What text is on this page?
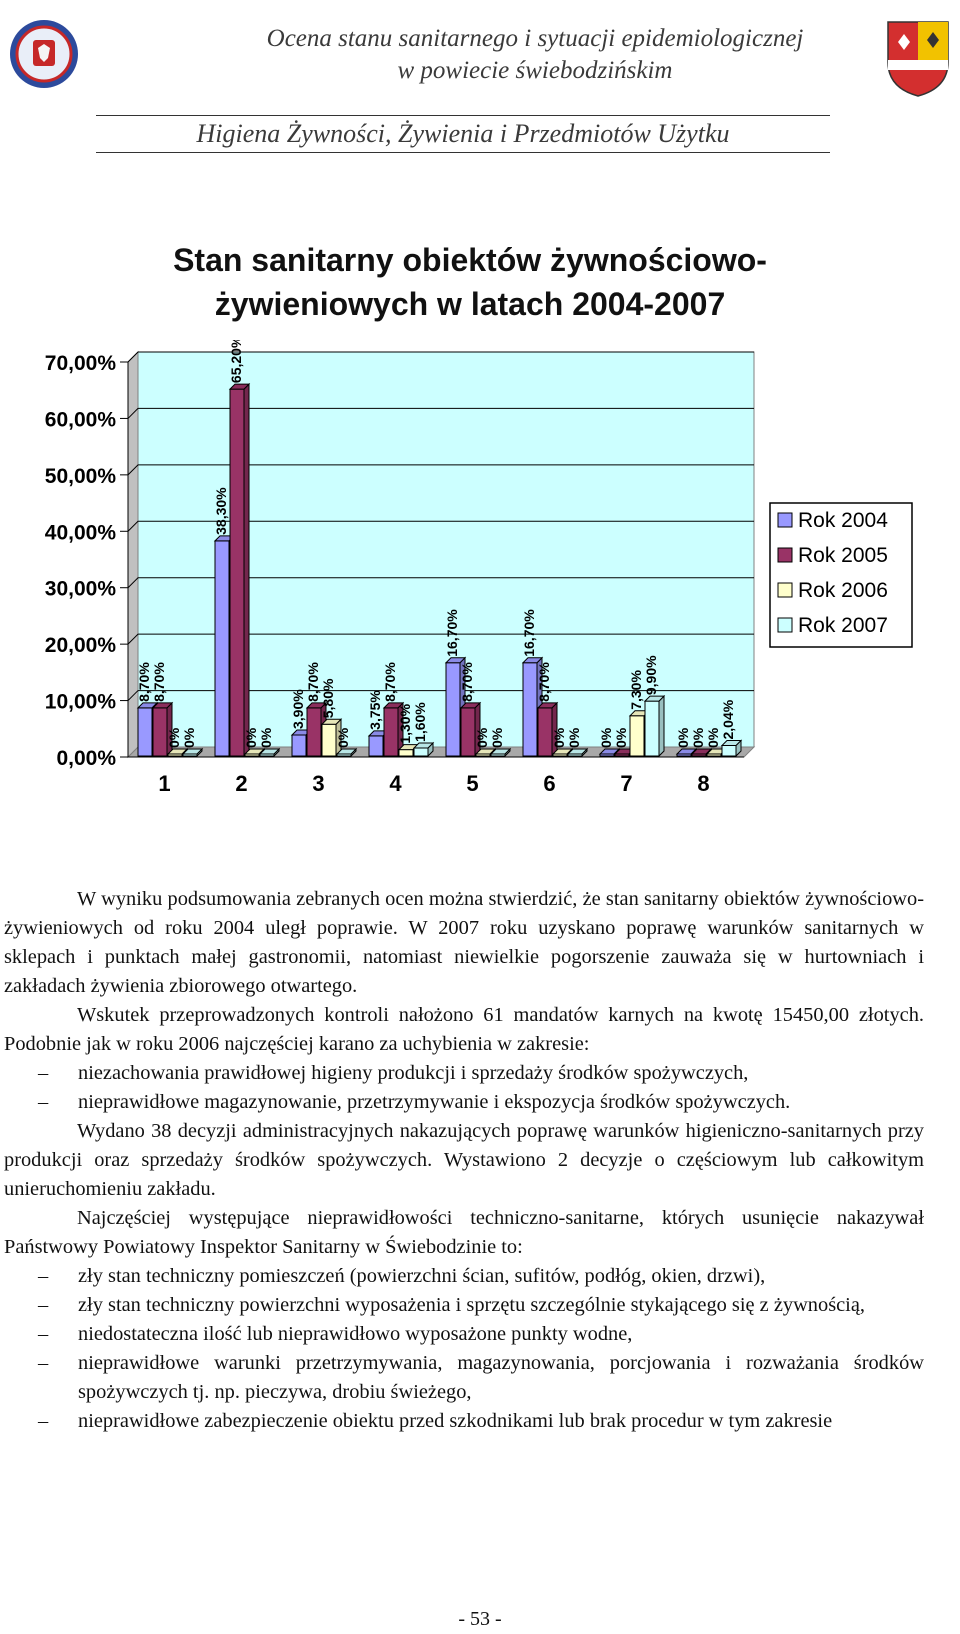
Ocena stanu sanitarnego i sytuacji epidemiologicznej
w powiecie świebodzińskim
Higiena Żywności, Żywienia i Przedmiotów Użytku
Stan sanitarny obiektów żywnościowo-żywieniowych w latach 2004-2007
0,00%
10,00%
20,00%
30,00%
40,00%
50,00%
60,00%
70,00%
8,70% 8,70%
0% 0%
1
38,30%
65,20%
0% 0%
2
3,90%
8,70% 5,80%
0%
3
3,75%
8,70%
1,30% 1,60%
4
16,70%
8,70%
0% 0%
5
16,70%
8,70%
0% 0%
6
0% 0%
7,30% 9,90%
7
0% 0% 0% 2,04%
8
Rok 2004
Rok 2005
Rok 2006
Rok 2007

W wyniku podsumowania zebranych ocen można stwierdzić, że stan sanitarny obiektów żywnościowo-żywieniowych od roku 2004 uległ poprawie. W 2007 roku uzyskano poprawę warunków sanitarnych w sklepach i punktach małej gastronomii, natomiast niewielkie pogorszenie zauważa się w hurtowniach i zakładach żywienia zbiorowego otwartego.

Wskutek przeprowadzonych kontroli nałożono 61 mandatów karnych na kwotę 15450,00 złotych. Podobnie jak w roku 2006 najczęściej karano za uchybienia w zakresie:

– niezachowania prawidłowej higieny produkcji i sprzedaży środków spożywczych,

– nieprawidłowe magazynowanie, przetrzymywanie i ekspozycja środków spożywczych.

Wydano 38 decyzji administracyjnych nakazujących poprawę warunków higieniczno-sanitarnych przy produkcji oraz sprzedaży środków spożywczych. Wystawiono 2 decyzje o częściowym lub całkowitym unieruchomieniu zakładu.

Najczęściej występujące nieprawidłowości techniczno-sanitarne, których usunięcie nakazywał Państwowy Powiatowy Inspektor Sanitarny w Świebodzinie to:

– zły stan techniczny pomieszczeń (powierzchni ścian, sufitów, podłóg, okien, drzwi),

– zły stan techniczny powierzchni wyposażenia i sprzętu szczególnie stykającego się z żywnością,

– niedostateczna ilość lub nieprawidłowo wyposażone punkty wodne,

– nieprawidłowe warunki przetrzymywania, magazynowania, porcjowania i rozważania środków spożywczych tj. np. pieczywa, drobiu świeżego,

– nieprawidłowe zabezpieczenie obiektu przed szkodnikami lub brak procedur w tym zakresie

- 53 -
